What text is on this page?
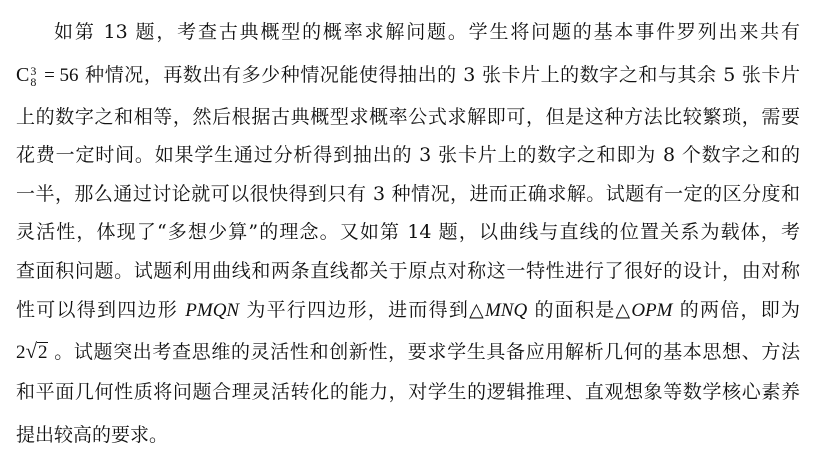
如第 13 题，考查古典概型的概率求解问题。学生将问题的基本事件罗列出来共有
C 3
8 = 56 种情况，再数出有多少种情况能使得抽出的 3 张卡片上的数字之和与其余 5 张卡片
上的数字之和相等，然后根据古典概型求概率公式求解即可，但是这种方法比较繁琐，需要
花费一定时间。如果学生通过分析得到抽出的 3 张卡片上的数字之和即为 8 个数字之和的
一半，那么通过讨论就可以很快得到只有 3 种情况，进而正确求解。试题有一定的区分度和
灵活性，体现了“多想少算”的理念。又如第 14 题，以曲线与直线的位置关系为载体，考
查面积问题。试题利用曲线和两条直线都关于原点对称这一特性进行了很好的设计，由对称
性可以得到四边形 PMQN 为平行四边形，进而得到△MNQ 的面积是△OPM 的两倍，即为
2√2 。试题突出考查思维的灵活性和创新性，要求学生具备应用解析几何的基本思想、方法
和平面几何性质将问题合理灵活转化的能力，对学生的逻辑推理、直观想象等数学核心素养
提出较高的要求。
